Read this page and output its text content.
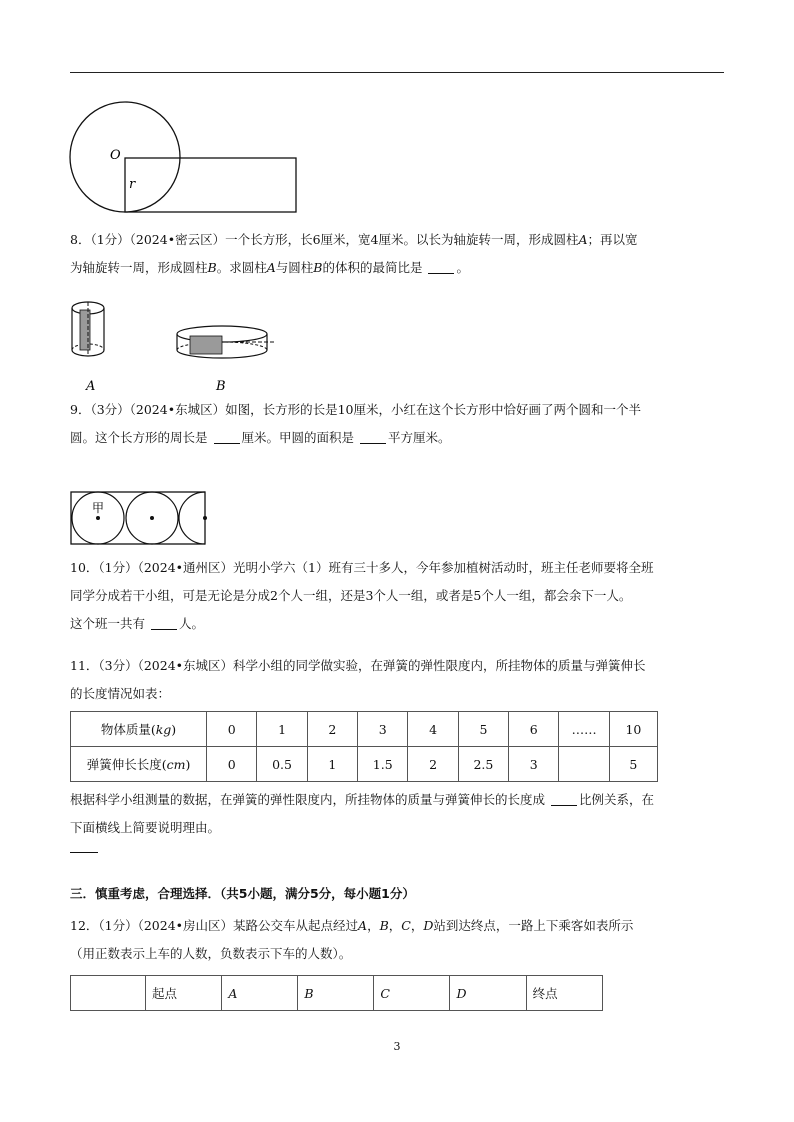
O
r
8．（1分）（2024•密云区）一个长方形，长6厘米，宽4厘米。以长为轴旋转一周，形成圆柱A；再以宽
为轴旋转一周，形成圆柱B。求圆柱A与圆柱B的体积的最简比是	。
A	B
9．（3分）（2024•东城区）如图，长方形的长是10厘米，小红在这个长方形中恰好画了两个圆和一个半
圆。这个长方形的周长是	厘米。甲圆的面积是	平方厘米。
甲
10．（1分）（2024•通州区）光明小学六（1）班有三十多人，今年参加植树活动时，班主任老师要将全班
同学分成若干小组，可是无论是分成2个人一组，还是3个人一组，或者是5个人一组，都会余下一人。
这个班一共有	人。
11．（3分）（2024•东城区）科学小组的同学做实验，在弹簧的弹性限度内，所挂物体的质量与弹簧伸长
的长度情况如表：
物体质量(kg)	0	1	2	3	4	5	6	……	10
弹簧伸长长度(cm)	0	0.5	1	1.5	2	2.5	3		5
根据科学小组测量的数据，在弹簧的弹性限度内，所挂物体的质量与弹簧伸长的长度成	比例关系，在
下面横线上简要说明理由。
三．慎重考虑，合理选择．（共5小题，满分5分，每小题1分）
12．（1分）（2024•房山区）某路公交车从起点经过A，B，C，D站到达终点，一路上下乘客如表所示
（用正数表示上车的人数，负数表示下车的人数）。
	起点	A	B	C	D	终点
3
